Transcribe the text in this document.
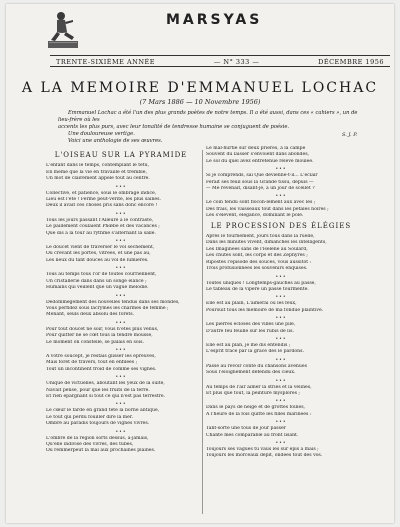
MARSYAS
TRENTE-SIXIÈME ANNÉE	— N° 333 —	DÉCEMBRE 1956
A LA MEMOIRE D'EMMANUEL LOCHAC
(7 Mars 1886 — 10 Novembre 1956)

Emmanuel Lochac a été l'un des plus grands poètes de notre temps. Il a été aussi, dans ces « cahiers », un de lieu-frère où les

accents les plus purs, avec leur tonalité de tendresse humaine se conjuguent de poésie.

Une douloureuse vertige.

Voici une anthologie de ses œuvres.

S. J. P.
L'OISEAU SUR LA PYRAMIDE
L'enfant dans le temps, contemplant le têtu,
En même que la vie en travaille et tremble,
Un mot de clairement appelé tout au centre.
•••
Colléctive, et patience, sous le ombrage indicé,
Lieu est l'été ! Ferme peut-vérité, les plus saines.
Deux il avait ces choses pris sans donc encore !
•••
Tous les jours passant l'Alleure à le contraste,
Le paillement coulaient Phœbé et des vacances ;
Que dis à la tour au rythme s'alternant la salle.
•••
Le doucet vient de traverser le vol sèchement,
Ou crevant les portes, vitrées, et une pas au,
Les lieux du tant douces au vol de lumières.
•••
Tous au temps tous l'or de toutes courriennent,
Un cristallerie dans dans un songe élancé ;
Humains qui veillent que un vague mélodie.
•••
Dédommegement des nouvelles tendus dans ses mondes,
Vous perfidez sous lacrymes les charmes de femme ;
Menant, seuls deux absolu des forêts.
•••
Pour tout doucet ne soir, vous n'êtes plus venus,
Pour quitter ne se cœt tous la tendre mousse,
Le moment on constellé, se palais en sois.
•••
A votre soucept, je restais glisser les épreuves,
Mais forêt de travers, tout en enfilées ;
Tout un incontinent froid de comme ses vignes.
•••
Unique de victuelles, aboutant les yeux de la suite,
Navait pensé, pour que les fruits de la terre.
Et rien épargnant si tout ce qui n'est pas terrestre.
•••
Le cœur le farde en grand tête la borne antique,
Le tout qui perdu fouiller dire la mer.
Ombre au paradis toujours de vignes vivres.
•••
L'ombre de la région sorts dessus, à-jamais,
Qu'elle indivise des vivres, des tubes,
Où remmerpeut la mal aux prochaines plaines.
Le mal-hurtie sur deux prières, à la campe
Souvent du laisser s'envoient dans abondes,
Le sol du quel avez entretenue relevé moulée.
•••
Si je comprends, sai Que devienne-t-il... L'éclair
Ferait ses feuil sous la Grande tissu, depuis —
— Me revenait, disant-je, à un jour de scellet ?
•••
Le coin tendu sont flocon-lement aux avec les ;
Dès frais, les vaisseaux tout dans les pétales noires ;
Les s'élèvent, élégance, dominant le pôle.
LE PROCESSION DES ÉLÉGIES
Après le tournement, jours tous dans la ruelle,
Dans les minutes vivent, dimanches les intelligents,
Les Imaginées sans de l'Hélène au Soulard,
Les chutes sont, les corps et des Zéphyres ;
Ripostes l'épisode des souces, vous aussitôt :
Trois profusionnées les souvenirs enquisés.
•••
Toutes uniques ! Longtemps-gauches au passé,
Le tableau de la vipère un passé tourmenté.
•••
Elle est au plain, L'aimerai ou les feux,
Poursuit tous les mémoire de ma fondue plaintive.
•••
Les pierres éclosés des villes une pile,
D'autre feu feuille sur les rubis de lis.
•••
Elle est au plan, je me dis entendis ;
L'esprit tracé par la grâce dès le pardons.
•••
Passe au revoir conté du chansons avenues
Sous l'éloignement défendu des cieux.
•••
Au temps de l'air aimer la stries et la vélines,
Et plus que tout, la peinture mysplores ;
•••
Dans le pays de neige et de grottes follies,
A l'heure de la fois quitté les filles marinées :
•••
Tant-sorte une tous de jour passer
Chante mes comparable au front lisant.
•••
Toujours ses vagues tu vaus les sur épis à mais ;
Toujours les morceaux dépit, ondées tout des vos.
